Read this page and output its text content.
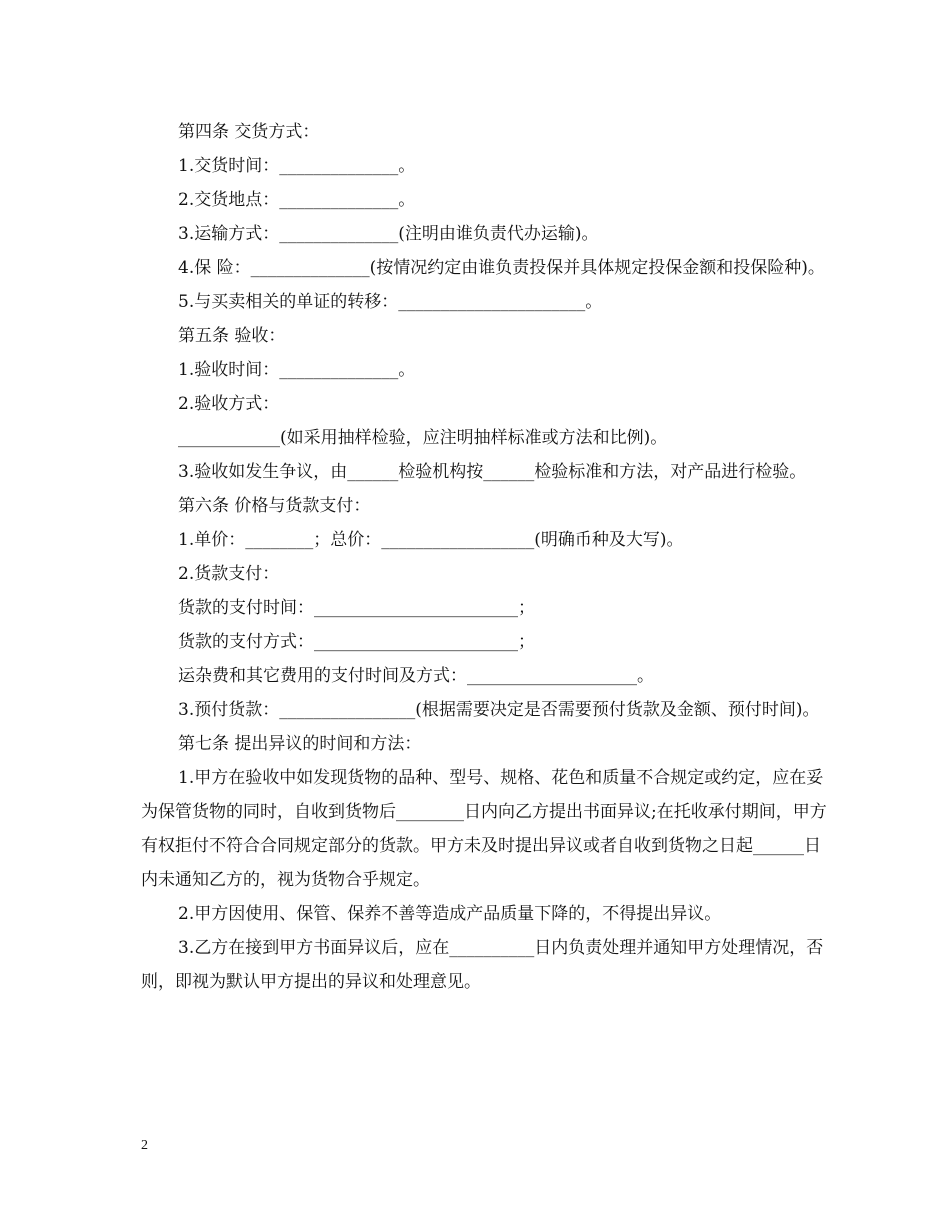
第四条 交货方式：

1.交货时间：______________。

2.交货地点：______________。

3.运输方式：______________(注明由谁负责代办运输)。

4.保 险：______________(按情况约定由谁负责投保并具体规定投保金额和投保险种)。

5.与买卖相关的单证的转移：______________________。

第五条 验收：

1.验收时间：______________。

2.验收方式：

____________(如采用抽样检验，应注明抽样标准或方法和比例)。

3.验收如发生争议，由______检验机构按______检验标准和方法，对产品进行检验。

第六条 价格与货款支付：

1.单价：________；总价：__________________(明确币种及大写)。

2.货款支付：

货款的支付时间：________________________；

货款的支付方式：________________________；

运杂费和其它费用的支付时间及方式：____________________。

3.预付货款：________________(根据需要决定是否需要预付货款及金额、预付时间)。

第七条 提出异议的时间和方法：

1.甲方在验收中如发现货物的品种、型号、规格、花色和质量不合规定或约定，应在妥为保管货物的同时，自收到货物后________日内向乙方提出书面异议;在托收承付期间，甲方有权拒付不符合合同规定部分的货款。甲方未及时提出异议或者自收到货物之日起______日内未通知乙方的，视为货物合乎规定。

2.甲方因使用、保管、保养不善等造成产品质量下降的，不得提出异议。

3.乙方在接到甲方书面异议后，应在__________日内负责处理并通知甲方处理情况，否则，即视为默认甲方提出的异议和处理意见。

2
